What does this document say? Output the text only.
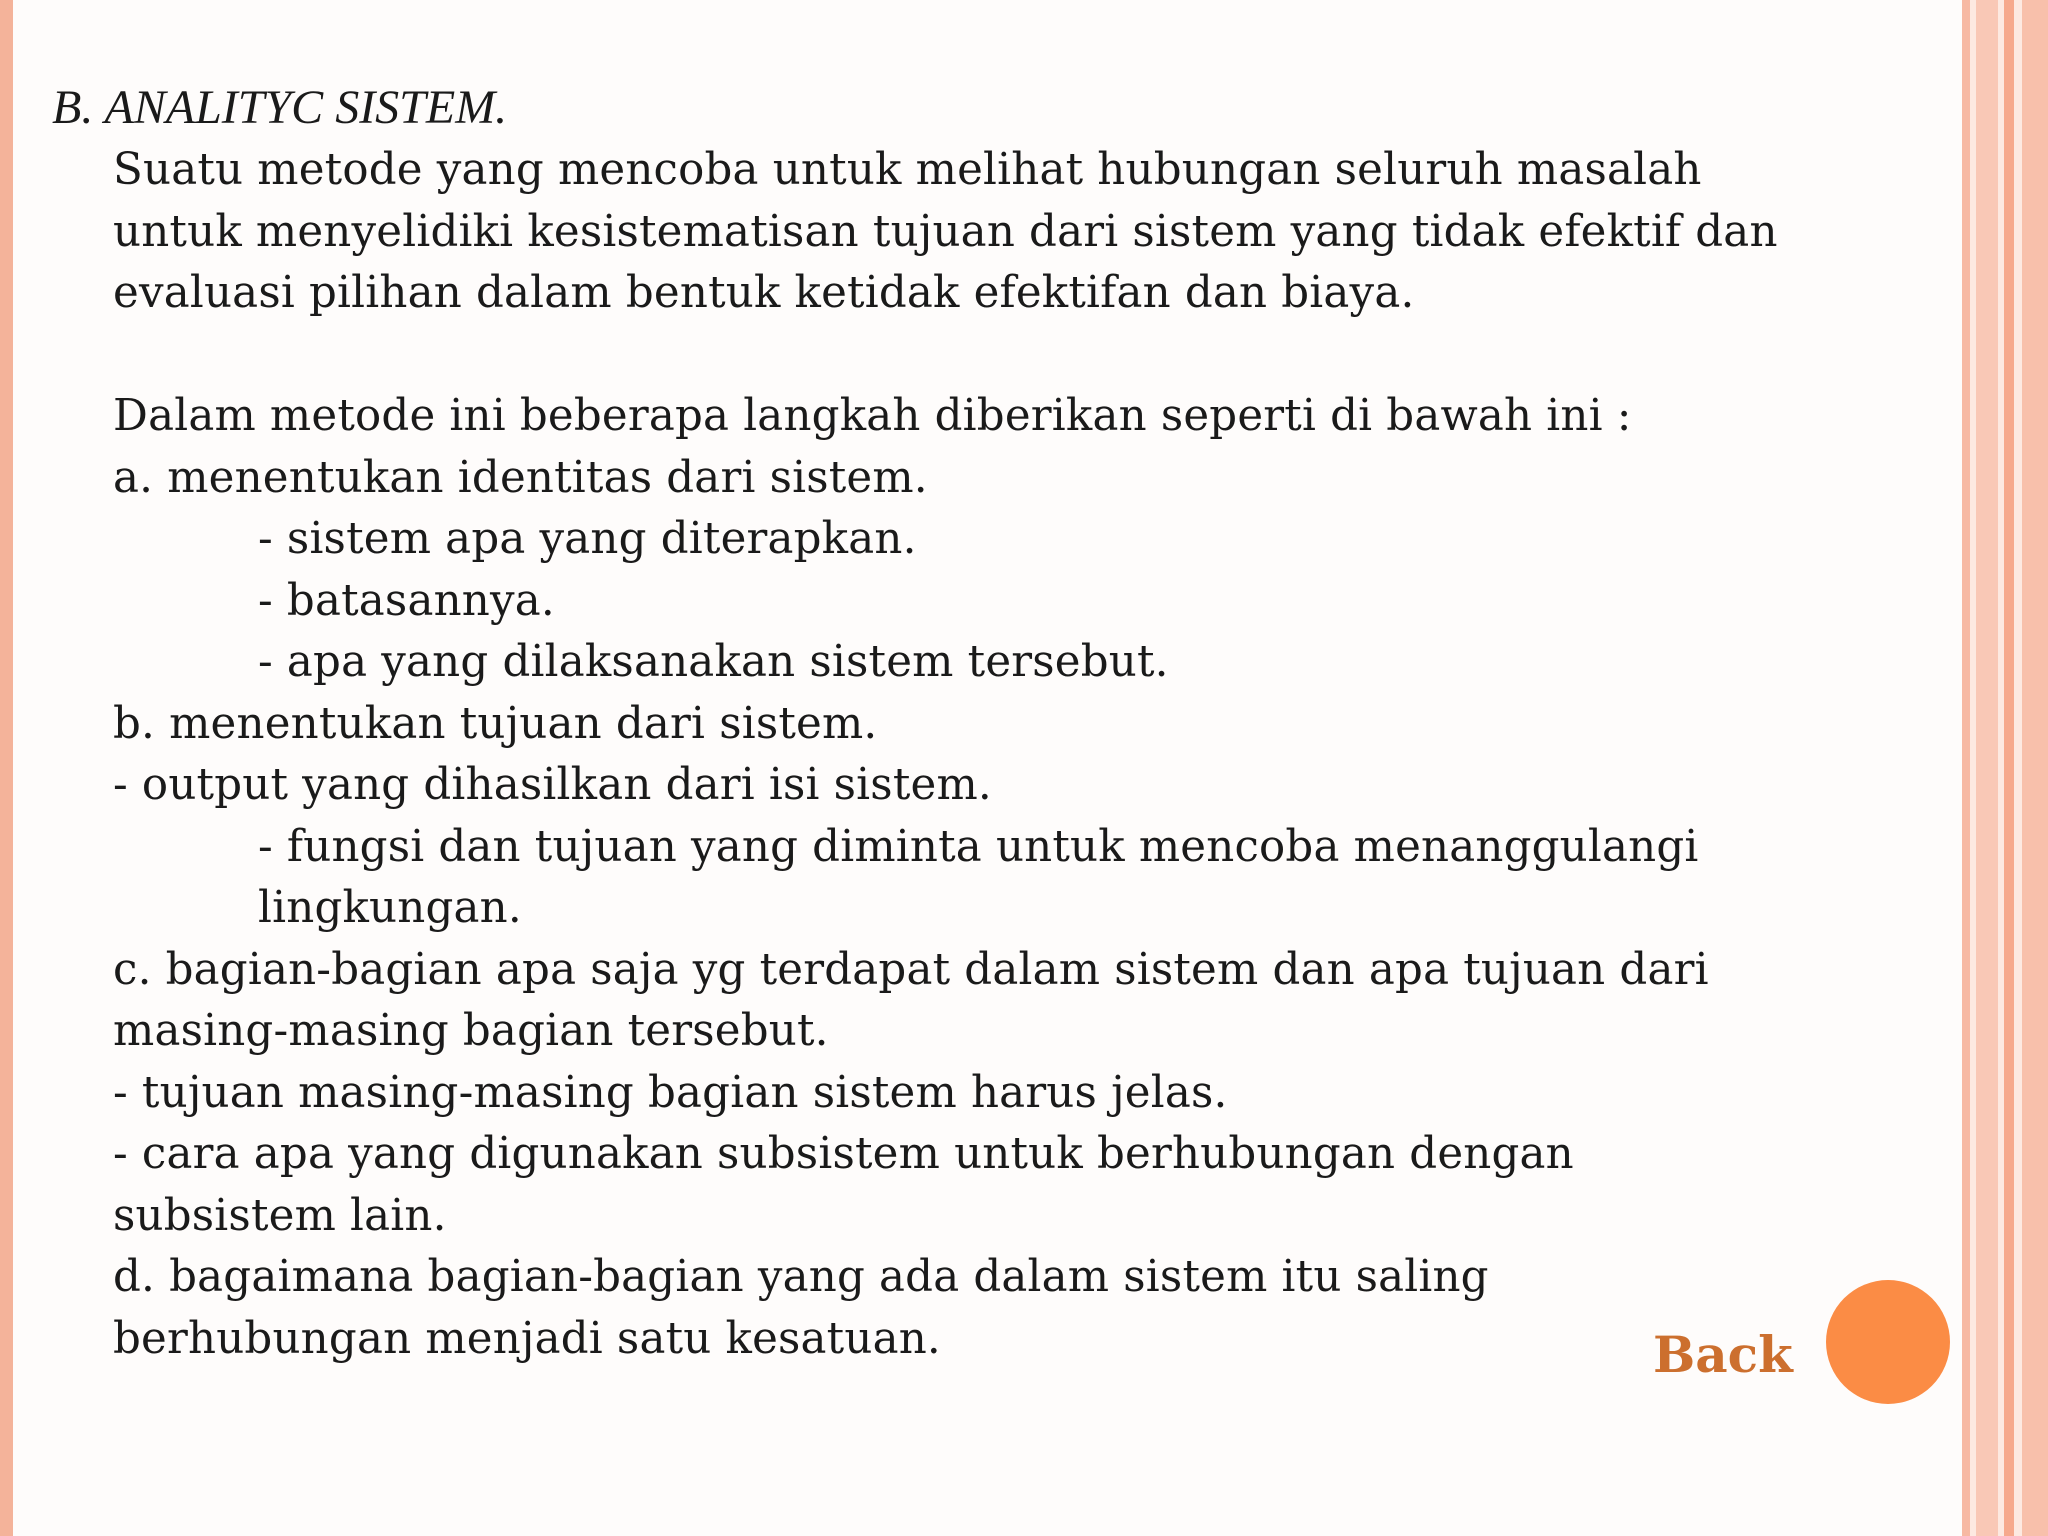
B. ANALITYC SISTEM.
Suatu metode yang mencoba untuk melihat hubungan seluruh masalah
untuk menyelidiki kesistematisan tujuan dari sistem yang tidak efektif dan
evaluasi pilihan dalam bentuk ketidak efektifan dan biaya.
Dalam metode ini beberapa langkah diberikan seperti di bawah ini :
a. menentukan identitas dari sistem.
- sistem apa yang diterapkan.
- batasannya.
- apa yang dilaksanakan sistem tersebut.
b. menentukan tujuan dari sistem.
- output yang dihasilkan dari isi sistem.
- fungsi dan tujuan yang diminta untuk mencoba menanggulangi
lingkungan.
c. bagian-bagian apa saja yg terdapat dalam sistem dan apa tujuan dari
masing-masing bagian tersebut.
- tujuan masing-masing bagian sistem harus jelas.
- cara apa yang digunakan subsistem untuk berhubungan dengan
subsistem lain.
d. bagaimana bagian-bagian yang ada dalam sistem itu saling
berhubungan menjadi satu kesatuan.	Back
